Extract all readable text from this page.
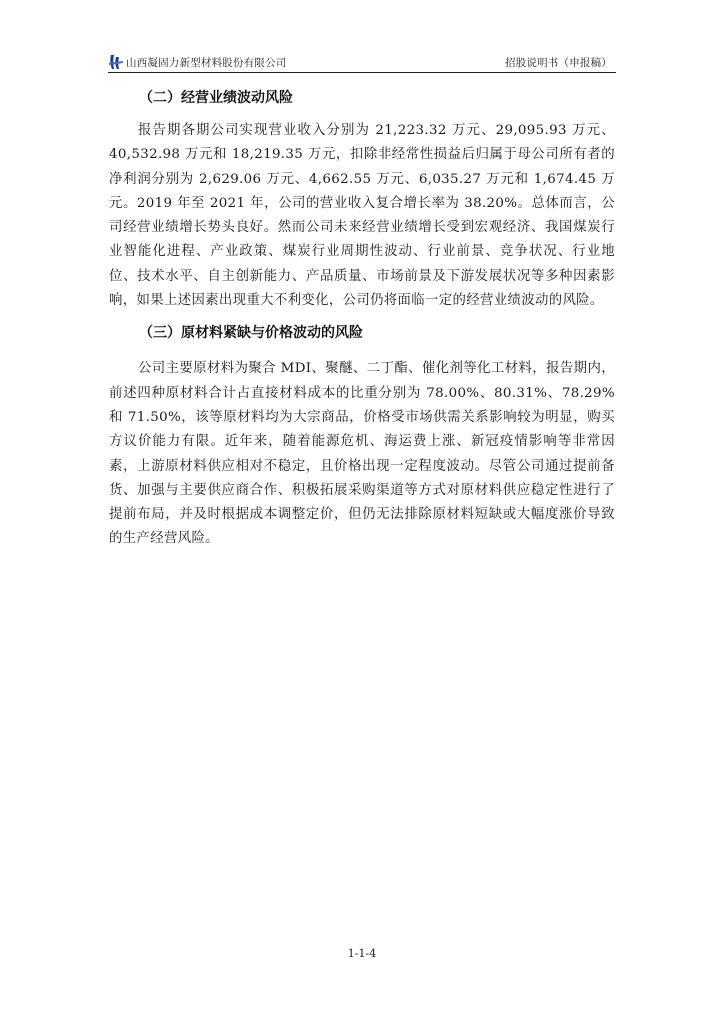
山西凝固力新型材料股份有限公司	招股说明书（申报稿）
（二）经营业绩波动风险

报告期各期公司实现营业收入分别为 21,223.32 万元、29,095.93 万元、40,532.98 万元和 18,219.35 万元，扣除非经常性损益后归属于母公司所有者的净利润分别为 2,629.06 万元、4,662.55 万元、6,035.27 万元和 1,674.45 万元。2019 年至 2021 年，公司的营业收入复合增长率为 38.20%。总体而言，公司经营业绩增长势头良好。然而公司未来经营业绩增长受到宏观经济、我国煤炭行业智能化进程、产业政策、煤炭行业周期性波动、行业前景、竞争状况、行业地位、技术水平、自主创新能力、产品质量、市场前景及下游发展状况等多种因素影响，如果上述因素出现重大不利变化，公司仍将面临一定的经营业绩波动的风险。

（三）原材料紧缺与价格波动的风险

公司主要原材料为聚合 MDI、聚醚、二丁酯、催化剂等化工材料，报告期内，前述四种原材料合计占直接材料成本的比重分别为 78.00%、80.31%、78.29% 和 71.50%，该等原材料均为大宗商品，价格受市场供需关系影响较为明显，购买方议价能力有限。近年来，随着能源危机、海运费上涨、新冠疫情影响等非常因素，上游原材料供应相对不稳定，且价格出现一定程度波动。尽管公司通过提前备货、加强与主要供应商合作、积极拓展采购渠道等方式对原材料供应稳定性进行了提前布局，并及时根据成本调整定价，但仍无法排除原材料短缺或大幅度涨价导致的生产经营风险。

1-1-4
